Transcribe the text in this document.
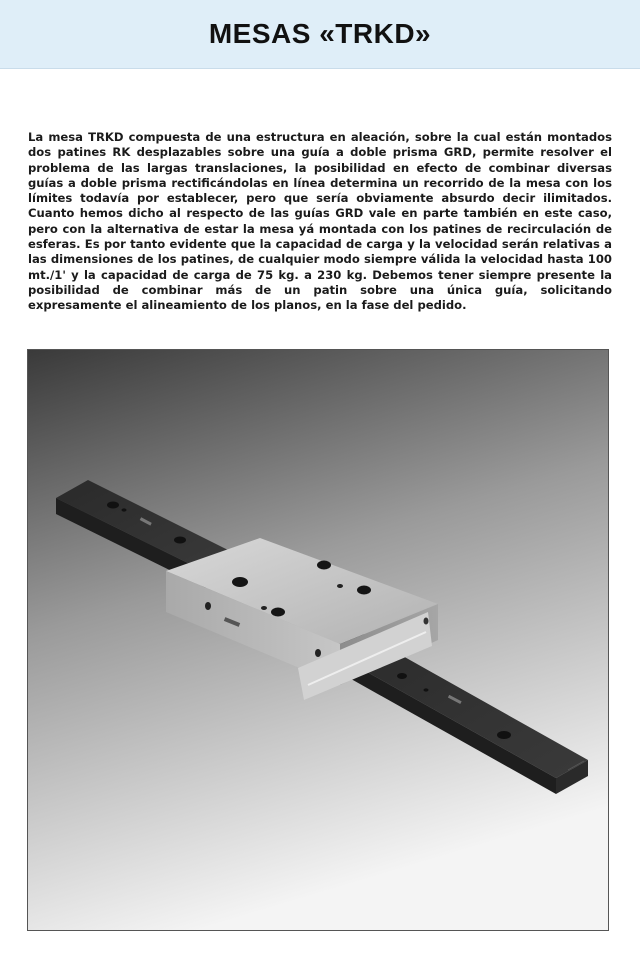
MESAS «TRKD»

La mesa TRKD compuesta de una estructura en aleación, sobre la cual están montados dos patines RK desplazables sobre una guía a doble prisma GRD, permite resolver el problema de las largas translaciones, la posibilidad en efecto de combinar diversas guías a doble prisma rectificándolas en línea determina un recorrido de la mesa con los límites todavía por establecer, pero que sería obviamente absurdo decir ilimitados. Cuanto hemos dicho al respecto de las guías GRD vale en parte también en este caso, pero con la alternativa de estar la mesa yá montada con los patines de recirculación de esferas. Es por tanto evidente que la capacidad de carga y la velocidad serán relativas a las dimensiones de los patines, de cualquier modo siempre válida la velocidad hasta 100 mt./1' y la capacidad de carga de 75 kg. a 230 kg. Debemos tener siempre presente la posibilidad de combinar más de un patin sobre una única guía, solicitando expresamente el alineamiento de los planos, en la fase del pedido.
